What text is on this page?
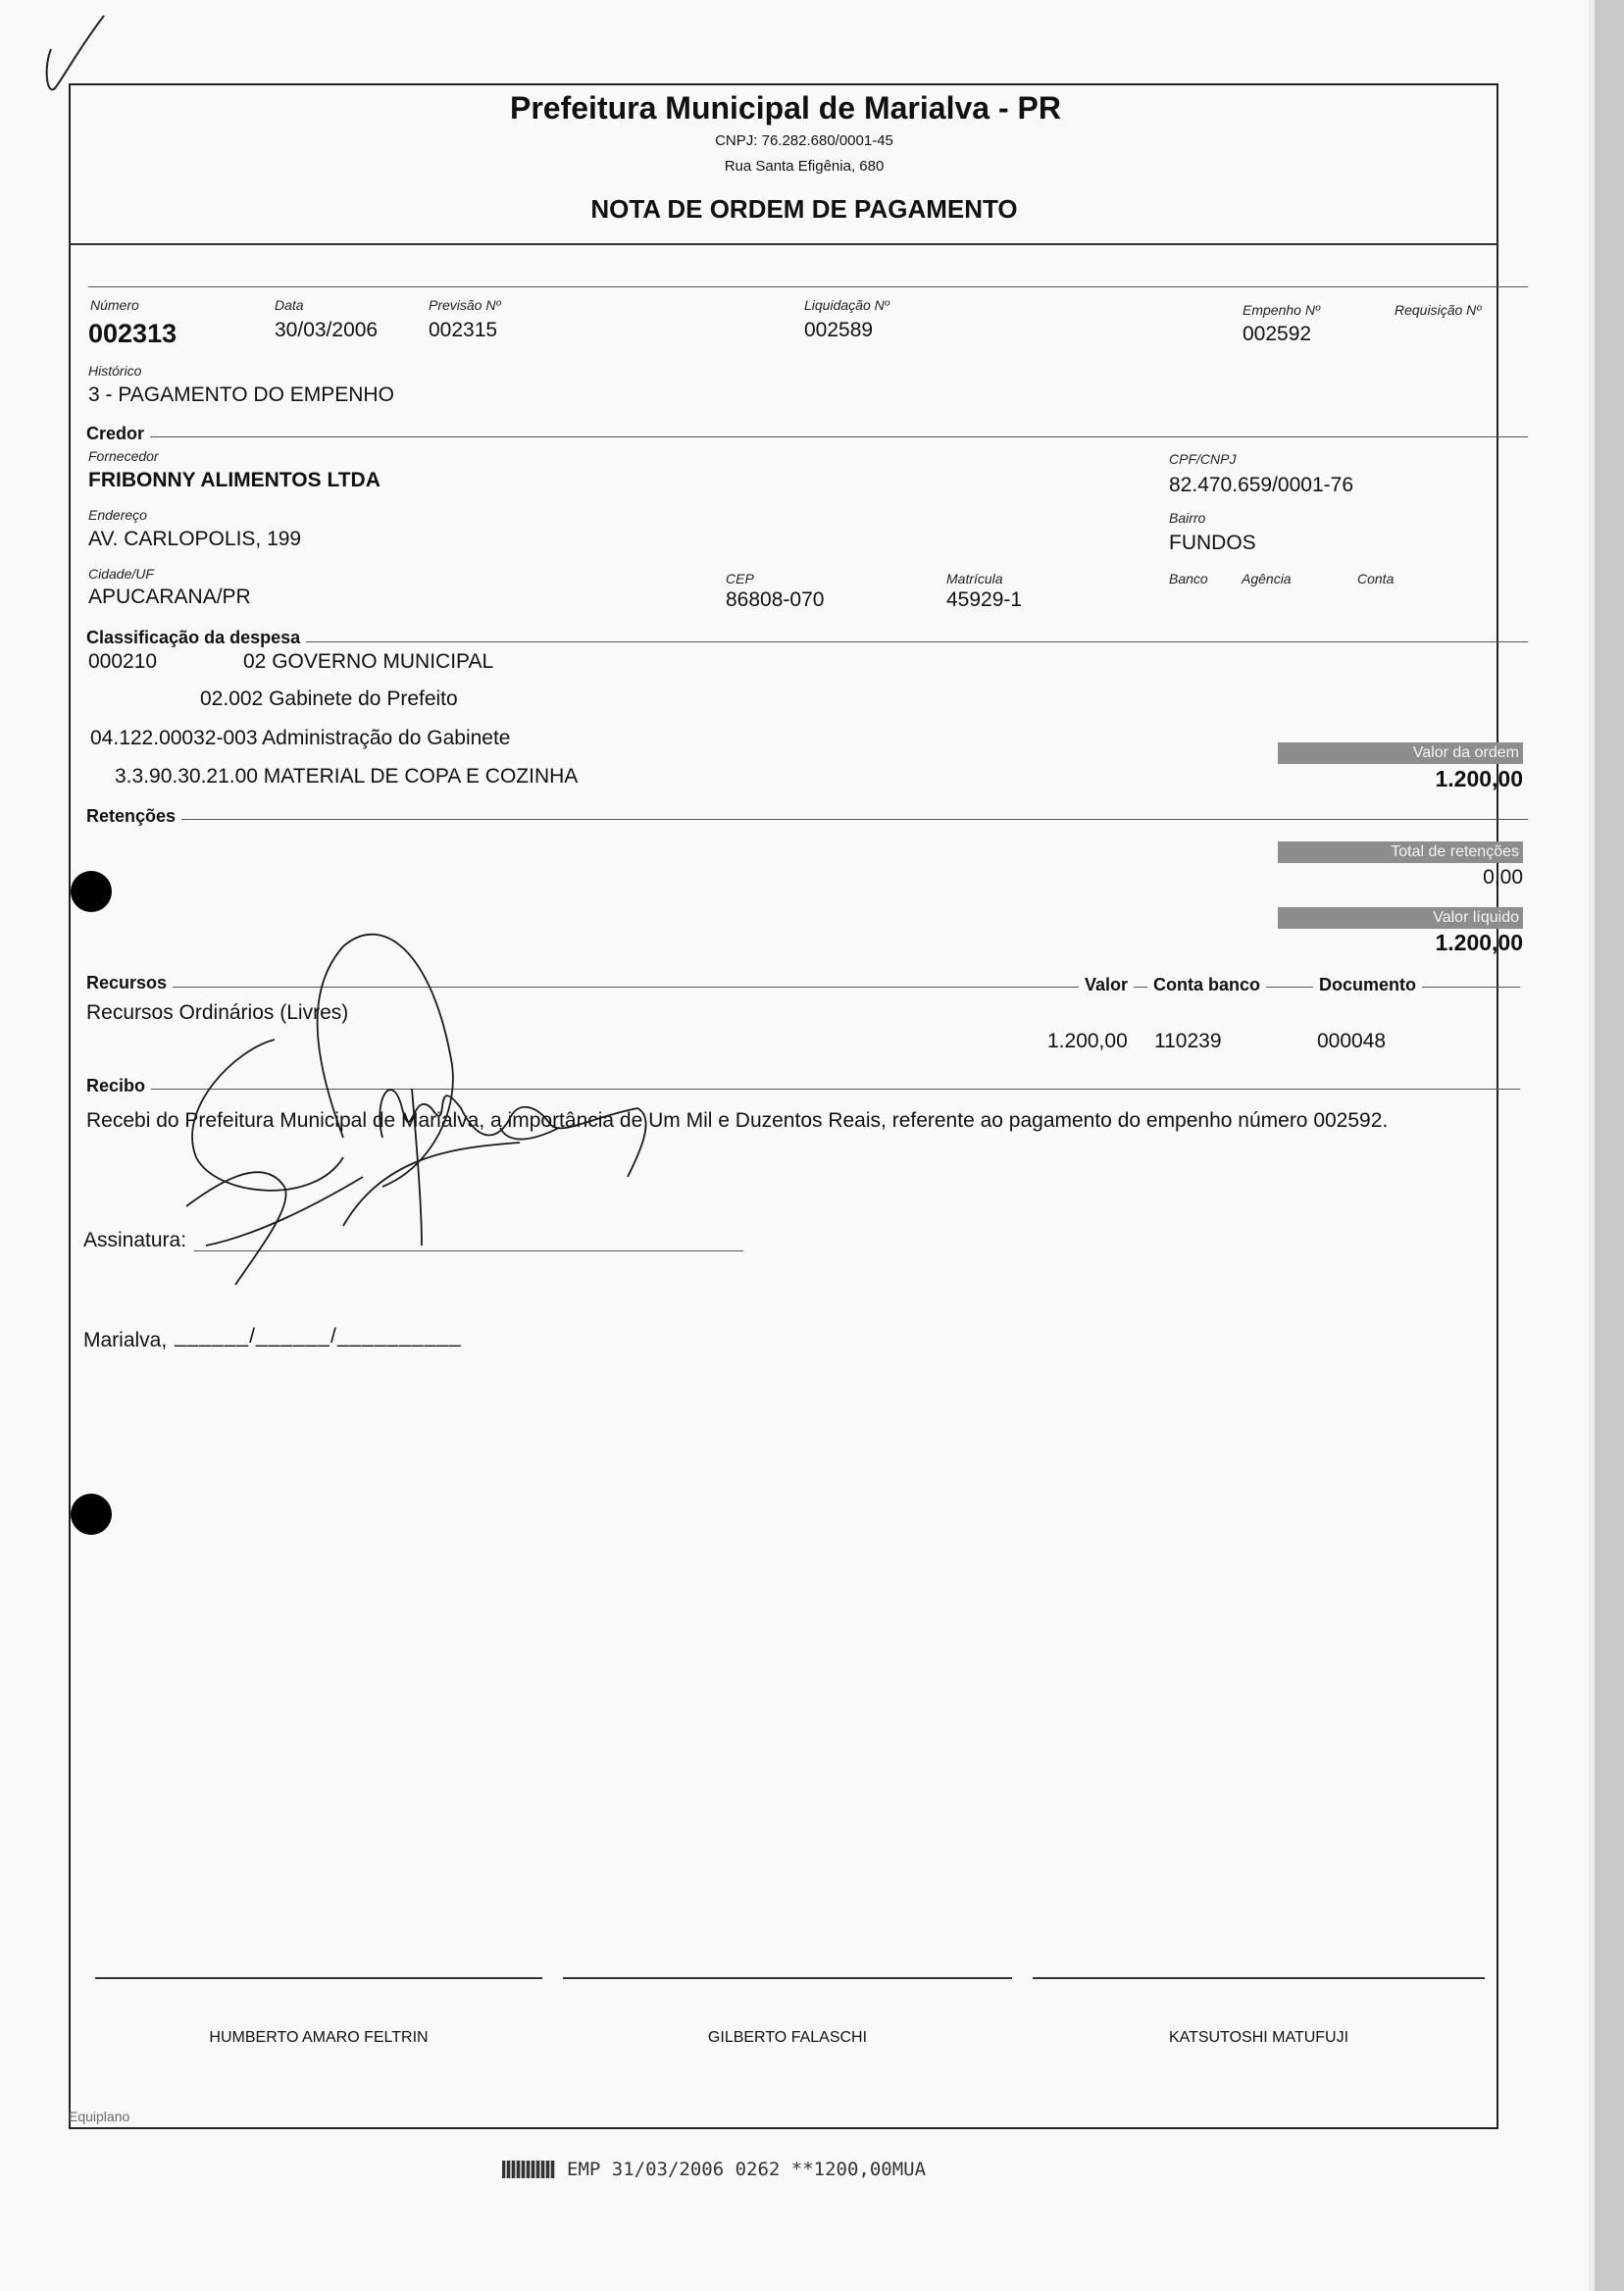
Prefeitura Municipal de Marialva - PR
CNPJ: 76.282.680/0001-45
Rua Santa Efigênia, 680
NOTA DE ORDEM DE PAGAMENTO
Número
002313
Data
30/03/2006
Previsão Nº
002315
Liquidação Nº
002589
Empenho Nº
002592
Requisição Nº
Histórico
3 - PAGAMENTO DO EMPENHO
Credor
Fornecedor
FRIBONNY ALIMENTOS LTDA
CPF/CNPJ
82.470.659/0001-76
Endereço
AV. CARLOPOLIS, 199
Bairro
FUNDOS
Cidade/UF
APUCARANA/PR
CEP
86808-070
Matrícula
45929-1
Banco Agência	Conta
Classificação da despesa
000210	02 GOVERNO MUNICIPAL
02.002 Gabinete do Prefeito
04.122.00032-003 Administração do Gabinete
3.3.90.30.21.00 MATERIAL DE COPA E COZINHA
Valor da ordem
1.200,00
Retenções
Total de retenções
0,00
Valor líquido
1.200,00
Recursos	Valor	Conta banco	Documento
Recursos Ordinários (Livres)
1.200,00 110239	000048
Recibo
Recebi do Prefeitura Municipal de Marialva, a importância de Um Mil e Duzentos Reais, referente ao pagamento do empenho número 002592.
Assinatura:
Marialva, ______/______/__________
HUMBERTO AMARO FELTRIN	GILBERTO FALASCHI	KATSUTOSHI MATUFUJI
Equiplano
EMP 31/03/2006 0262 **1200,00MUA
